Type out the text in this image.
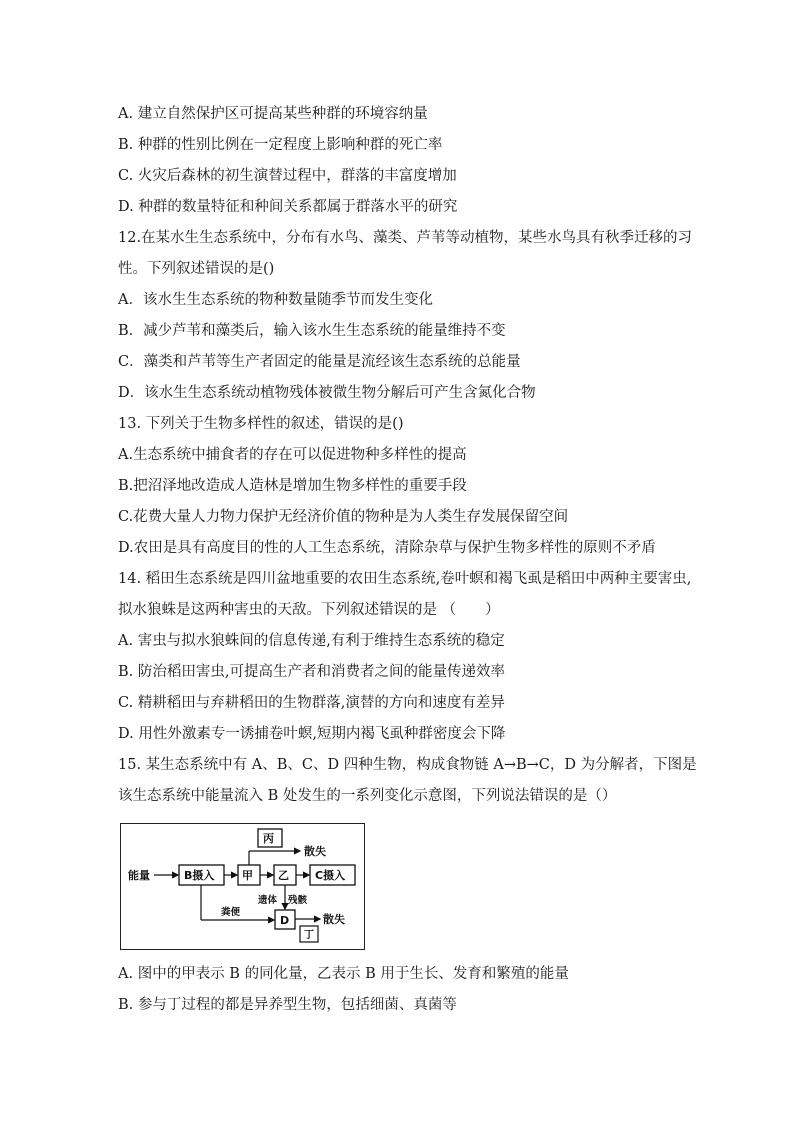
A. 建立自然保护区可提高某些种群的环境容纳量
B. 种群的性别比例在一定程度上影响种群的死亡率
C. 火灾后森林的初生演替过程中，群落的丰富度增加
D. 种群的数量特征和种间关系都属于群落水平的研究
12.在某水生生态系统中，分布有水鸟、藻类、芦苇等动植物，某些水鸟具有秋季迁移的习
性。下列叙述错误的是()
A．该水生生态系统的物种数量随季节而发生变化
B．减少芦苇和藻类后，输入该水生生态系统的能量维持不变
C．藻类和芦苇等生产者固定的能量是流经该生态系统的总能量
D．该水生生态系统动植物残体被微生物分解后可产生含氮化合物
13. 下列关于生物多样性的叙述，错误的是()
A.生态系统中捕食者的存在可以促进物种多样性的提高
B.把沼泽地改造成人造林是增加生物多样性的重要手段
C.花费大量人力物力保护无经济价值的物种是为人类生存发展保留空间
D.农田是具有高度目的性的人工生态系统，清除杂草与保护生物多样性的原则不矛盾
14. 稻田生态系统是四川盆地重要的农田生态系统,卷叶螟和褐飞虱是稻田中两种主要害虫,
拟水狼蛛是这两种害虫的天敌。下列叙述错误的是 （　　）
A. 害虫与拟水狼蛛间的信息传递,有利于维持生态系统的稳定
B. 防治稻田害虫,可提高生产者和消费者之间的能量传递效率
C. 精耕稻田与弃耕稻田的生物群落,演替的方向和速度有差异
D. 用性外激素专一诱捕卷叶螟,短期内褐飞虱种群密度会下降
15. 某生态系统中有 A、B、C、D 四种生物，构成食物链 A→B→C，D 为分解者，下图是
该生态系统中能量流入 B 处发生的一系列变化示意图，下列说法错误的是（）
A. 图中的甲表示 B 的同化量，乙表示 B 用于生长、发育和繁殖的能量
B. 参与丁过程的都是异养型生物，包括细菌、真菌等
能量	B摄入	甲 乙 C摄入
丙
散失
遗体 残骸
粪便
D	散失
丁
